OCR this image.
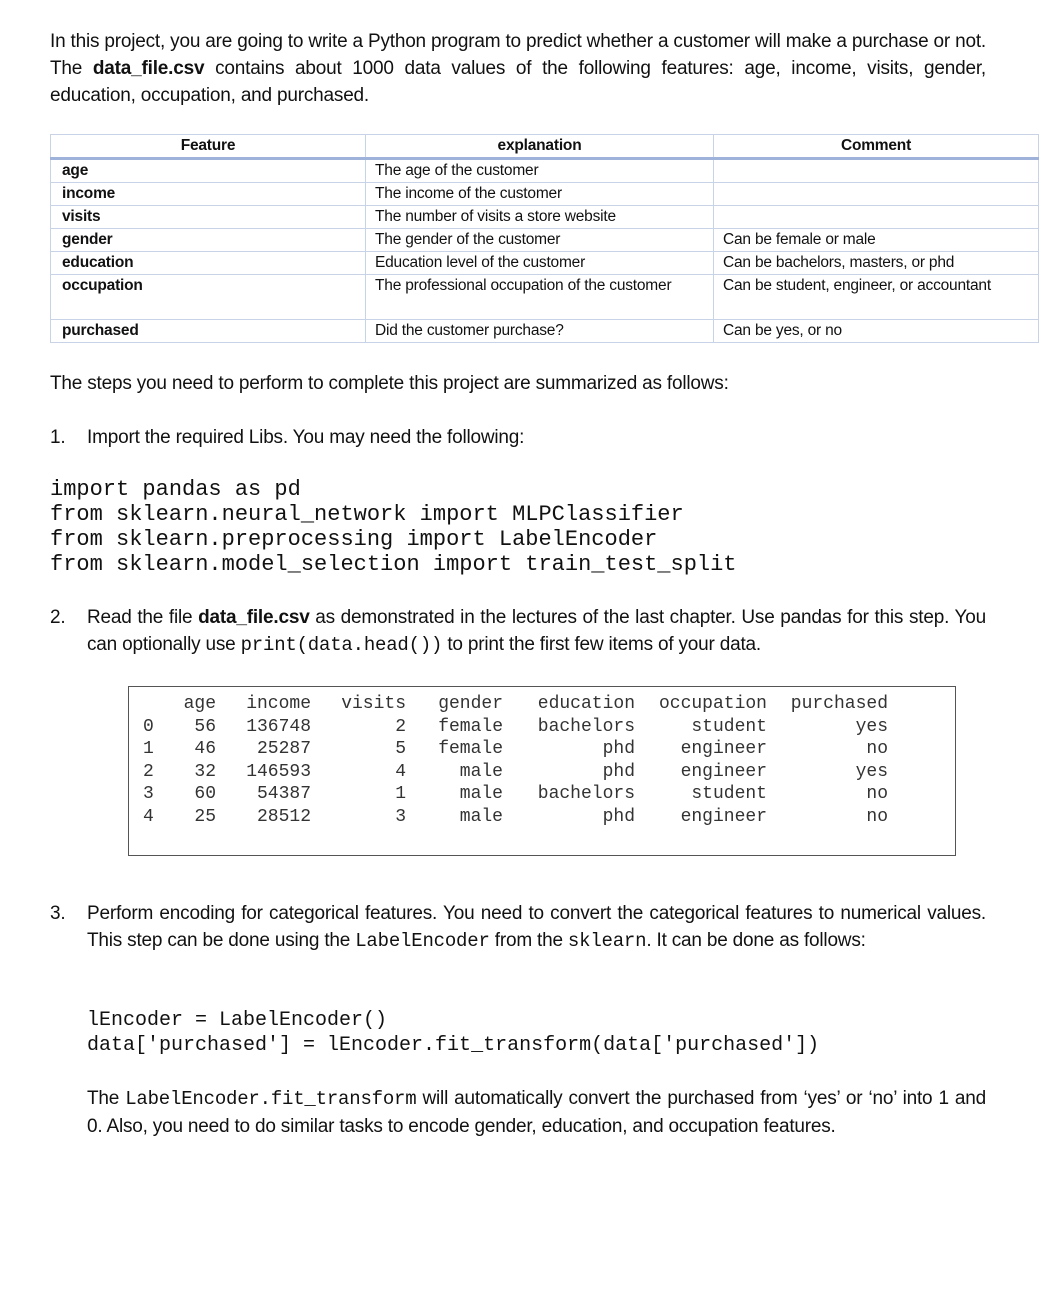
In this project, you are going to write a Python program to predict whether a customer will make a purchase or not. The data_file.csv contains about 1000 data values of the following features: age, income, visits, gender, education, occupation, and purchased.
Feature	explanation	Comment
age	The age of the customer	
income	The income of the customer	
visits	The number of visits a store website	
gender	The gender of the customer	Can be female or male
education	Education level of the customer	Can be bachelors, masters, or phd
occupation	The professional occupation of the customer	Can be student, engineer, or accountant
purchased	Did the customer purchase?	Can be yes, or no
The steps you need to perform to complete this project are summarized as follows:
1. Import the required Libs. You may need the following:
import pandas as pd
from sklearn.neural_network import MLPClassifier
from sklearn.preprocessing import LabelEncoder
from sklearn.model_selection import train_test_split
2. Read the file data_file.csv as demonstrated in the lectures of the last chapter. Use pandas for this step. You can optionally use print(data.head()) to print the first few items of your data.
	age	income	visits	gender	education	occupation	purchased
0	56	136748	2	female	bachelors	student	yes
1	46	25287	5	female	phd	engineer	no
2	32	146593	4	male	phd	engineer	yes
3	60	54387	1	male	bachelors	student	no
4	25	28512	3	male	phd	engineer	no
3. Perform encoding for categorical features. You need to convert the categorical features to numerical values. This step can be done using the LabelEncoder from the sklearn. It can be done as follows:
lEncoder = LabelEncoder()
data['purchased'] = lEncoder.fit_transform(data['purchased'])
The LabelEncoder.fit_transform will automatically convert the purchased from ‘yes’ or ‘no’ into 1 and 0. Also, you need to do similar tasks to encode gender, education, and occupation features.
